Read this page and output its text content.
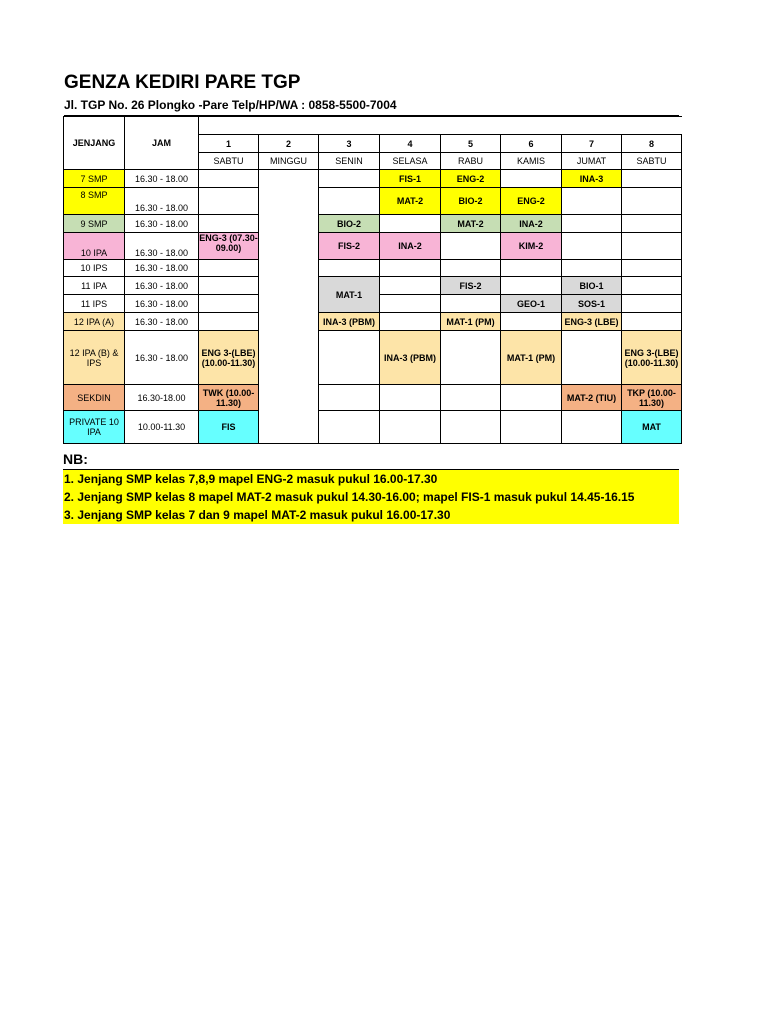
GENZA KEDIRI PARE TGP
Jl. TGP No. 26 Plongko -Pare Telp/HP/WA : 0858-5500-7004
JENJANG	JAM								
		1	2	3	4	5	6	7	8
		SABTU	MINGGU	SENIN	SELASA	RABU	KAMIS	JUMAT	SABTU
7 SMP	16.30 - 18.00				FIS-1	ENG-2		INA-3	
8 SMP	16.30 - 18.00				MAT-2	BIO-2	ENG-2		
9 SMP	16.30 - 18.00			BIO-2		MAT-2	INA-2		
10 IPA	16.30 - 18.00	ENG-3 (07.30-09.00)		FIS-2	INA-2		KIM-2		
10 IPS	16.30 - 18.00								
11 IPA	16.30 - 18.00			MAT-1		FIS-2		BIO-1	
11 IPS	16.30 - 18.00						GEO-1	SOS-1	
12 IPA (A)	16.30 - 18.00			INA-3 (PBM)		MAT-1 (PM)		ENG-3 (LBE)	
12 IPA (B) & IPS	16.30 - 18.00	ENG 3-(LBE) (10.00-11.30)			INA-3 (PBM)		MAT-1 (PM)		ENG 3-(LBE) (10.00-11.30)
SEKDIN	16.30-18.00	TWK (10.00-11.30)						MAT-2 (TIU)	TKP (10.00-11.30)
PRIVATE 10 IPA	10.00-11.30	FIS							MAT
NB:
1. Jenjang SMP kelas 7,8,9 mapel ENG-2 masuk pukul 16.00-17.30
2. Jenjang SMP kelas 8 mapel MAT-2 masuk pukul 14.30-16.00; mapel FIS-1 masuk pukul 14.45-16.15
3. Jenjang SMP kelas 7 dan 9 mapel MAT-2 masuk pukul 16.00-17.30
